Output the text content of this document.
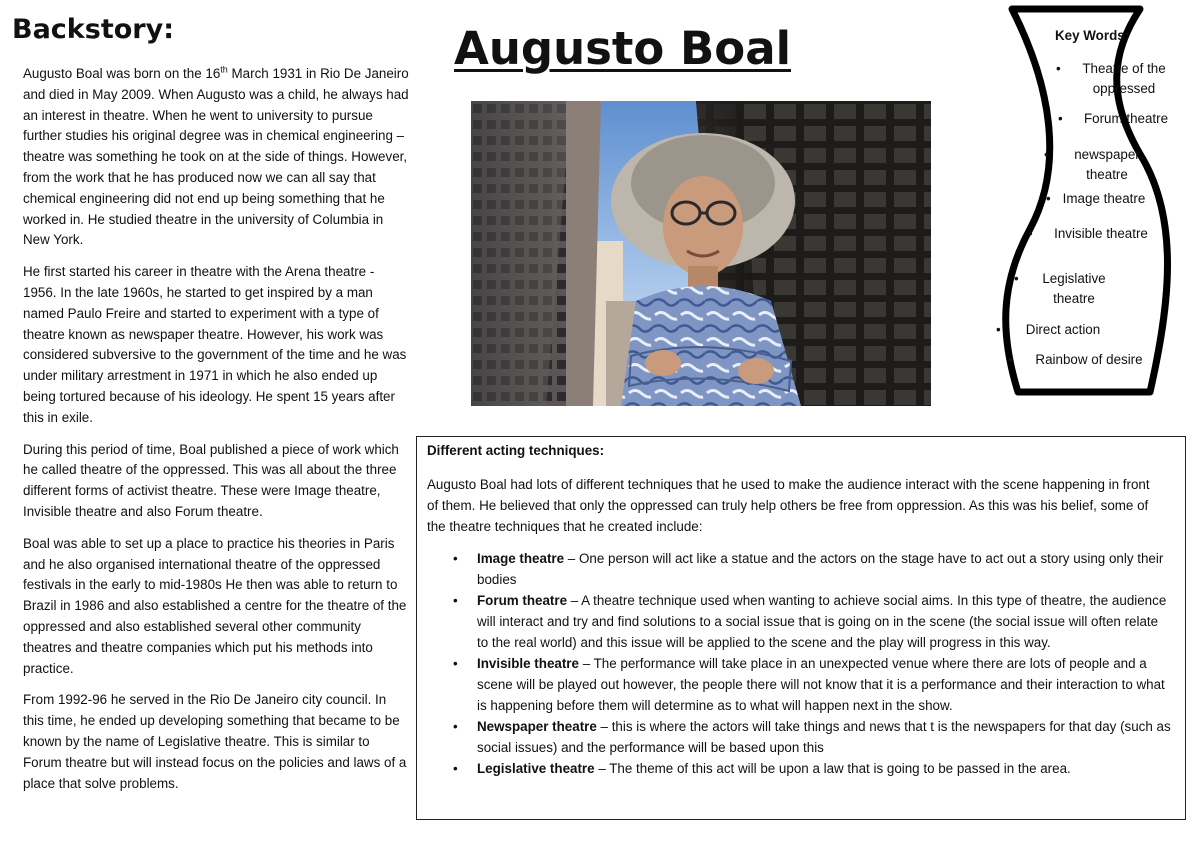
Backstory:

Augusto Boal was born on the 16th March 1931 in Rio De Janeiro and died in May 2009. When Augusto was a child, he always had an interest in theatre. When he went to university to pursue further studies his original degree was in chemical engineering – theatre was something he took on at the side of things. However, from the work that he has produced now we can all say that chemical engineering did not end up being something that he worked in. He studied theatre in the university of Columbia in New York.

He first started his career in theatre with the Arena theatre - 1956. In the late 1960s, he started to get inspired by a man named Paulo Freire and started to experiment with a type of theatre known as newspaper theatre. However, his work was considered subversive to the government of the time and he was under military arrestment in 1971 in which he also ended up being tortured because of his ideology. He spent 15 years after this in exile.

During this period of time, Boal published a piece of work which he called theatre of the oppressed. This was all about the three different forms of activist theatre. These were Image theatre, Invisible theatre and also Forum theatre.

Boal was able to set up a place to practice his theories in Paris and he also organised international theatre of the oppressed festivals in the early to mid-1980s He then was able to return to Brazil in 1986 and also established a centre for the theatre of the oppressed and also established several other community theatres and theatre companies which put his methods into practice.

From 1992-96 he served in the Rio De Janeiro city council. In this time, he ended up developing something that became to be known by the name of Legislative theatre. This is similar to Forum theatre but will instead focus on the policies and laws of a place that solve problems.

Augusto Boal	Key Words:
•	Theatre of the
oppressed
•	Forum theatre
•	newspaper
theatre
• Image theatre
•	Invisible theatre
•	Legislative
theatre
•	Direct action
•	Rainbow of desire
Different acting techniques:
Augusto Boal had lots of different techniques that he used to make the audience interact with the scene happening in front of them. He believed that only the oppressed can truly help others be free from oppression. As this was his belief, some of the theatre techniques that he created include:
• Image theatre – One person will act like a statue and the actors on the stage have to act out a story using only their bodies
• Forum theatre – A theatre technique used when wanting to achieve social aims. In this type of theatre, the audience will interact and try and find solutions to a social issue that is going on in the scene (the social issue will often relate to the real world) and this issue will be applied to the scene and the play will progress in this way.
• Invisible theatre – The performance will take place in an unexpected venue where there are lots of people and a scene will be played out however, the people there will not know that it is a performance and their interaction to what is happening before them will determine as to what will happen next in the show.
• Newspaper theatre – this is where the actors will take things and news that t is the newspapers for that day (such as social issues) and the performance will be based upon this
• Legislative theatre – The theme of this act will be upon a law that is going to be passed in the area.
